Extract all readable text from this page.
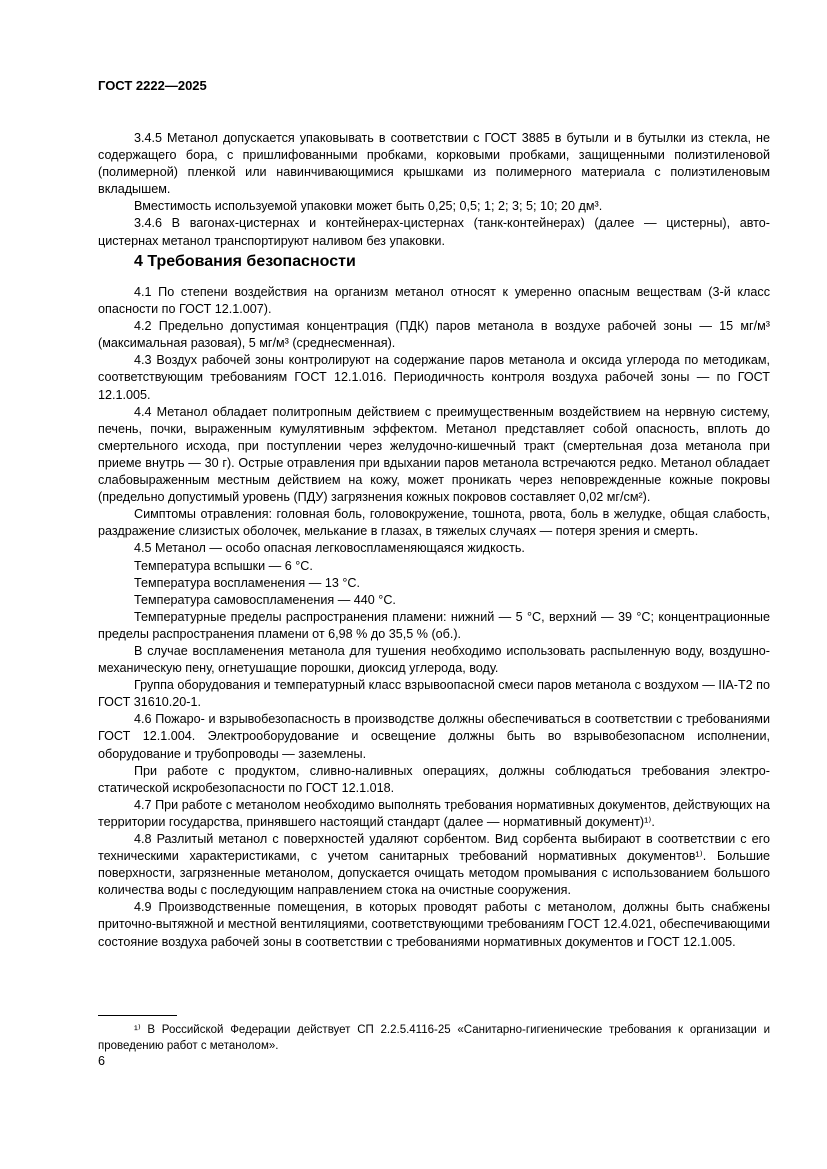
ГОСТ 2222—2025

3.4.5 Метанол допускается упаковывать в соответствии с ГОСТ 3885 в бутыли и в бутылки из стекла, не содержащего бора, с пришлифованными пробками, корковыми пробками, защищенными полиэтиленовой (полимерной) пленкой или навинчивающимися крышками из полимерного материала с полиэтиленовым вкладышем.

Вместимость используемой упаковки может быть 0,25; 0,5; 1; 2; 3; 5; 10; 20 дм³.

3.4.6 В вагонах-цистернах и контейнерах-цистернах (танк-контейнерах) (далее — цистерны), автоцистернах метанол транспортируют наливом без упаковки.

4 Требования безопасности

4.1 По степени воздействия на организм метанол относят к умеренно опасным веществам (3-й класс опасности по ГОСТ 12.1.007).

4.2 Предельно допустимая концентрация (ПДК) паров метанола в воздухе рабочей зоны — 15 мг/м³ (максимальная разовая), 5 мг/м³ (среднесменная).

4.3 Воздух рабочей зоны контролируют на содержание паров метанола и оксида углерода по методикам, соответствующим требованиям ГОСТ 12.1.016. Периодичность контроля воздуха рабочей зоны — по ГОСТ 12.1.005.

4.4 Метанол обладает политропным действием с преимущественным воздействием на нервную систему, печень, почки, выраженным кумулятивным эффектом. Метанол представляет собой опасность, вплоть до смертельного исхода, при поступлении через желудочно-кишечный тракт (смертельная доза метанола при приеме внутрь — 30 г). Острые отравления при вдыхании паров метанола встречаются редко. Метанол обладает слабовыраженным местным действием на кожу, может проникать через неповрежденные кожные покровы (предельно допустимый уровень (ПДУ) загрязнения кожных покровов составляет 0,02 мг/см²).

Симптомы отравления: головная боль, головокружение, тошнота, рвота, боль в желудке, общая слабость, раздражение слизистых оболочек, мелькание в глазах, в тяжелых случаях — потеря зрения и смерть.

4.5 Метанол — особо опасная легковоспламеняющаяся жидкость.

Температура вспышки — 6 °С.

Температура воспламенения — 13 °С.

Температура самовоспламенения — 440 °С.

Температурные пределы распространения пламени: нижний — 5 °С, верхний — 39 °С; концентрационные пределы распространения пламени от 6,98 % до 35,5 % (об.).

В случае воспламенения метанола для тушения необходимо использовать распыленную воду, воздушно-механическую пену, огнетушащие порошки, диоксид углерода, воду.

Группа оборудования и температурный класс взрывоопасной смеси паров метанола с воздухом — IIA-T2 по ГОСТ 31610.20-1.

4.6 Пожаро- и взрывобезопасность в производстве должны обеспечиваться в соответствии с требованиями ГОСТ 12.1.004. Электрооборудование и освещение должны быть во взрывобезопасном исполнении, оборудование и трубопроводы — заземлены.

При работе с продуктом, сливно-наливных операциях, должны соблюдаться требования электростатической искробезопасности по ГОСТ 12.1.018.

4.7 При работе с метанолом необходимо выполнять требования нормативных документов, действующих на территории государства, принявшего настоящий стандарт (далее — нормативный документ)¹⁾.

4.8 Разлитый метанол с поверхностей удаляют сорбентом. Вид сорбента выбирают в соответствии с его техническими характеристиками, с учетом санитарных требований нормативных документов¹⁾. Большие поверхности, загрязненные метанолом, допускается очищать методом промывания с использованием большого количества воды с последующим направлением стока на очистные сооружения.

4.9 Производственные помещения, в которых проводят работы с метанолом, должны быть снабжены приточно-вытяжной и местной вентиляциями, соответствующими требованиям ГОСТ 12.4.021, обеспечивающими состояние воздуха рабочей зоны в соответствии с требованиями нормативных документов и ГОСТ 12.1.005.

¹⁾ В Российской Федерации действует СП 2.2.5.4116-25 «Санитарно-гигиенические требования к организации и проведению работ с метанолом».

6
